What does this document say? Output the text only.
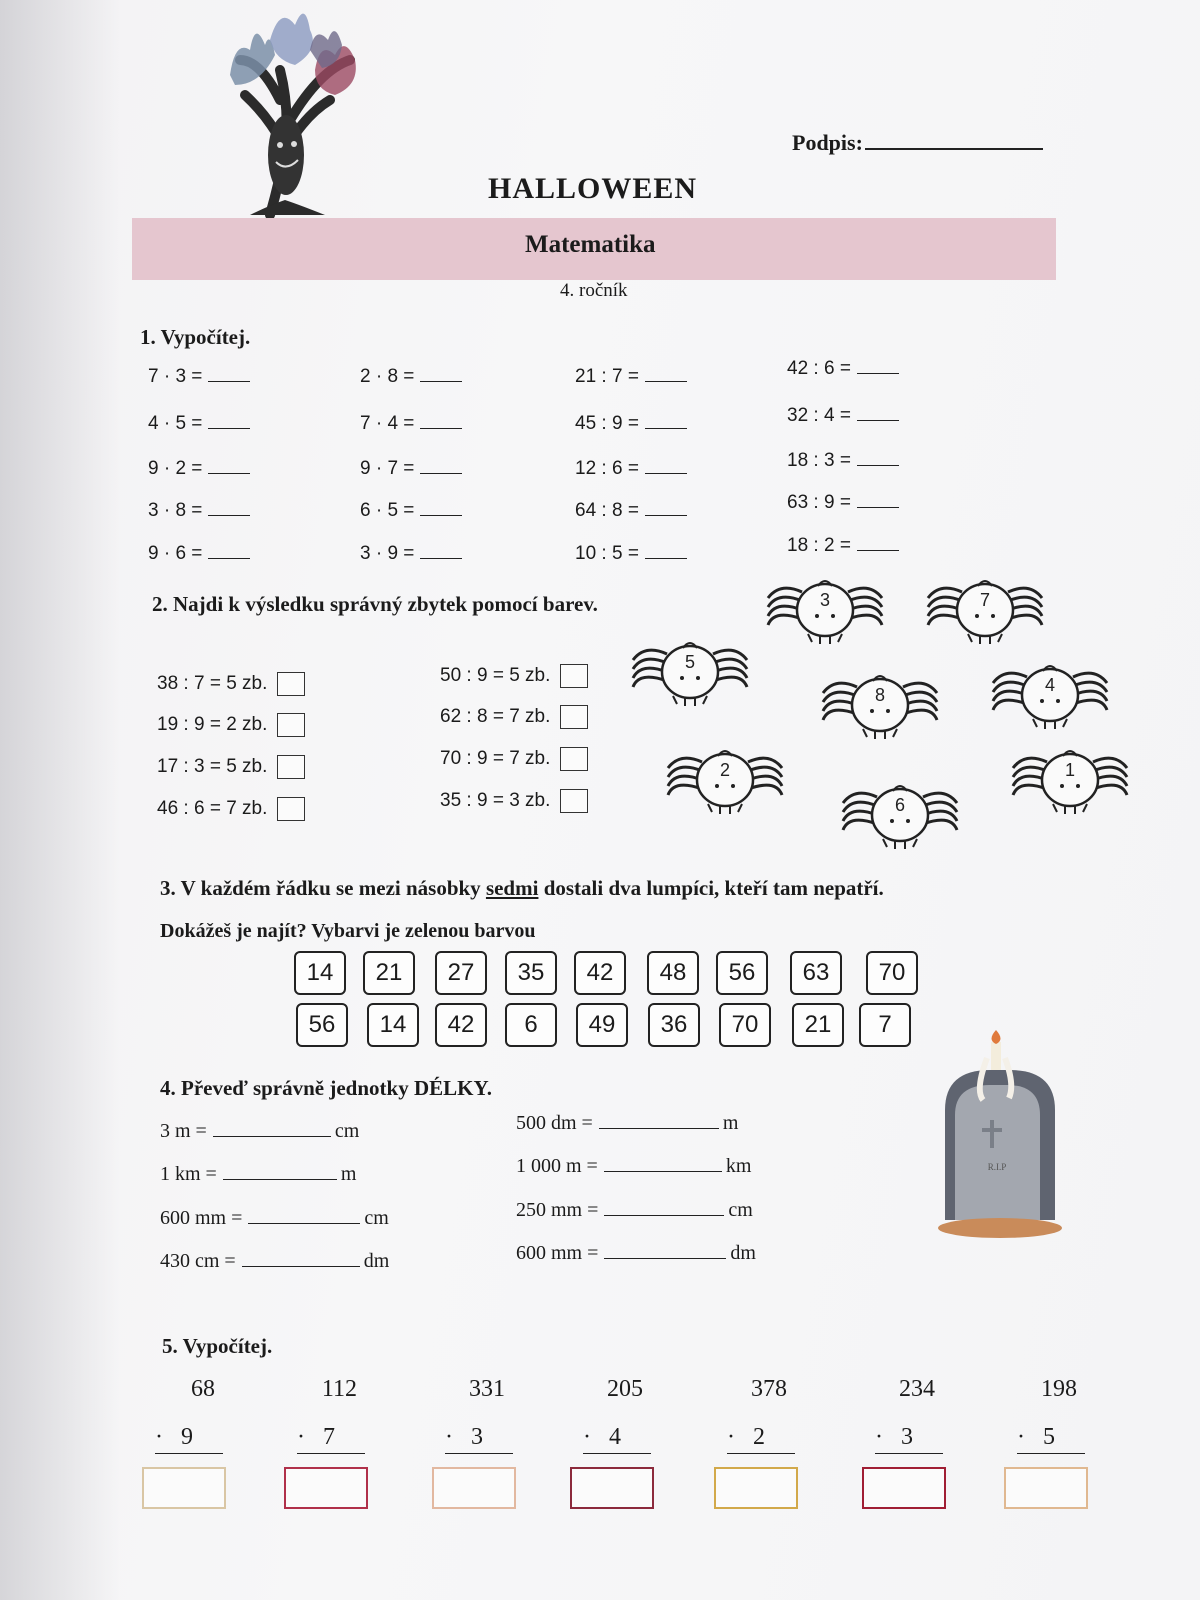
Podpis:
HALLOWEEN
Matematika
4. ročník
1. Vypočítej.
7 · 3 =
4 · 5 =
9 · 2 =
3 · 8 =
9 · 6 =
2 · 8 =
7 · 4 =
9 · 7 =
6 · 5 =
3 · 9 =
21 : 7 =
45 : 9 =
12 : 6 =
64 : 8 =
10 : 5 =
42 : 6 =
32 : 4 =
18 : 3 =
63 : 9 =
18 : 2 =
2. Najdi k výsledku správný zbytek pomocí barev.
38 : 7 = 5 zb.
19 : 9 = 2 zb.
17 : 3 = 5 zb.
46 : 6 = 7 zb.
50 : 9 = 5 zb.
62 : 8 = 7 zb.
70 : 9 = 7 zb.
35 : 9 = 3 zb.
3	7
5
8	4
2	1
6
3. V každém řádku se mezi násobky sedmi dostali dva lumpíci, kteří tam nepatří.
Dokážeš je najít? Vybarvi je zelenou barvou
14	21	27	35	42	48	56	63	70
56	14	42	6	49	36	70	21	7
4. Převeď správně jednotky DÉLKY.
3 m =	cm
1 km =	m
600 mm =	cm
430 cm =	dm
500 dm =	m
1 000 m =	km
250 mm =	cm
600 mm =	dm
R.I.P
5. Vypočítej.
68
· 9
112
· 7
331
· 3
205
· 4
378
· 2
234
· 3
198
· 5
